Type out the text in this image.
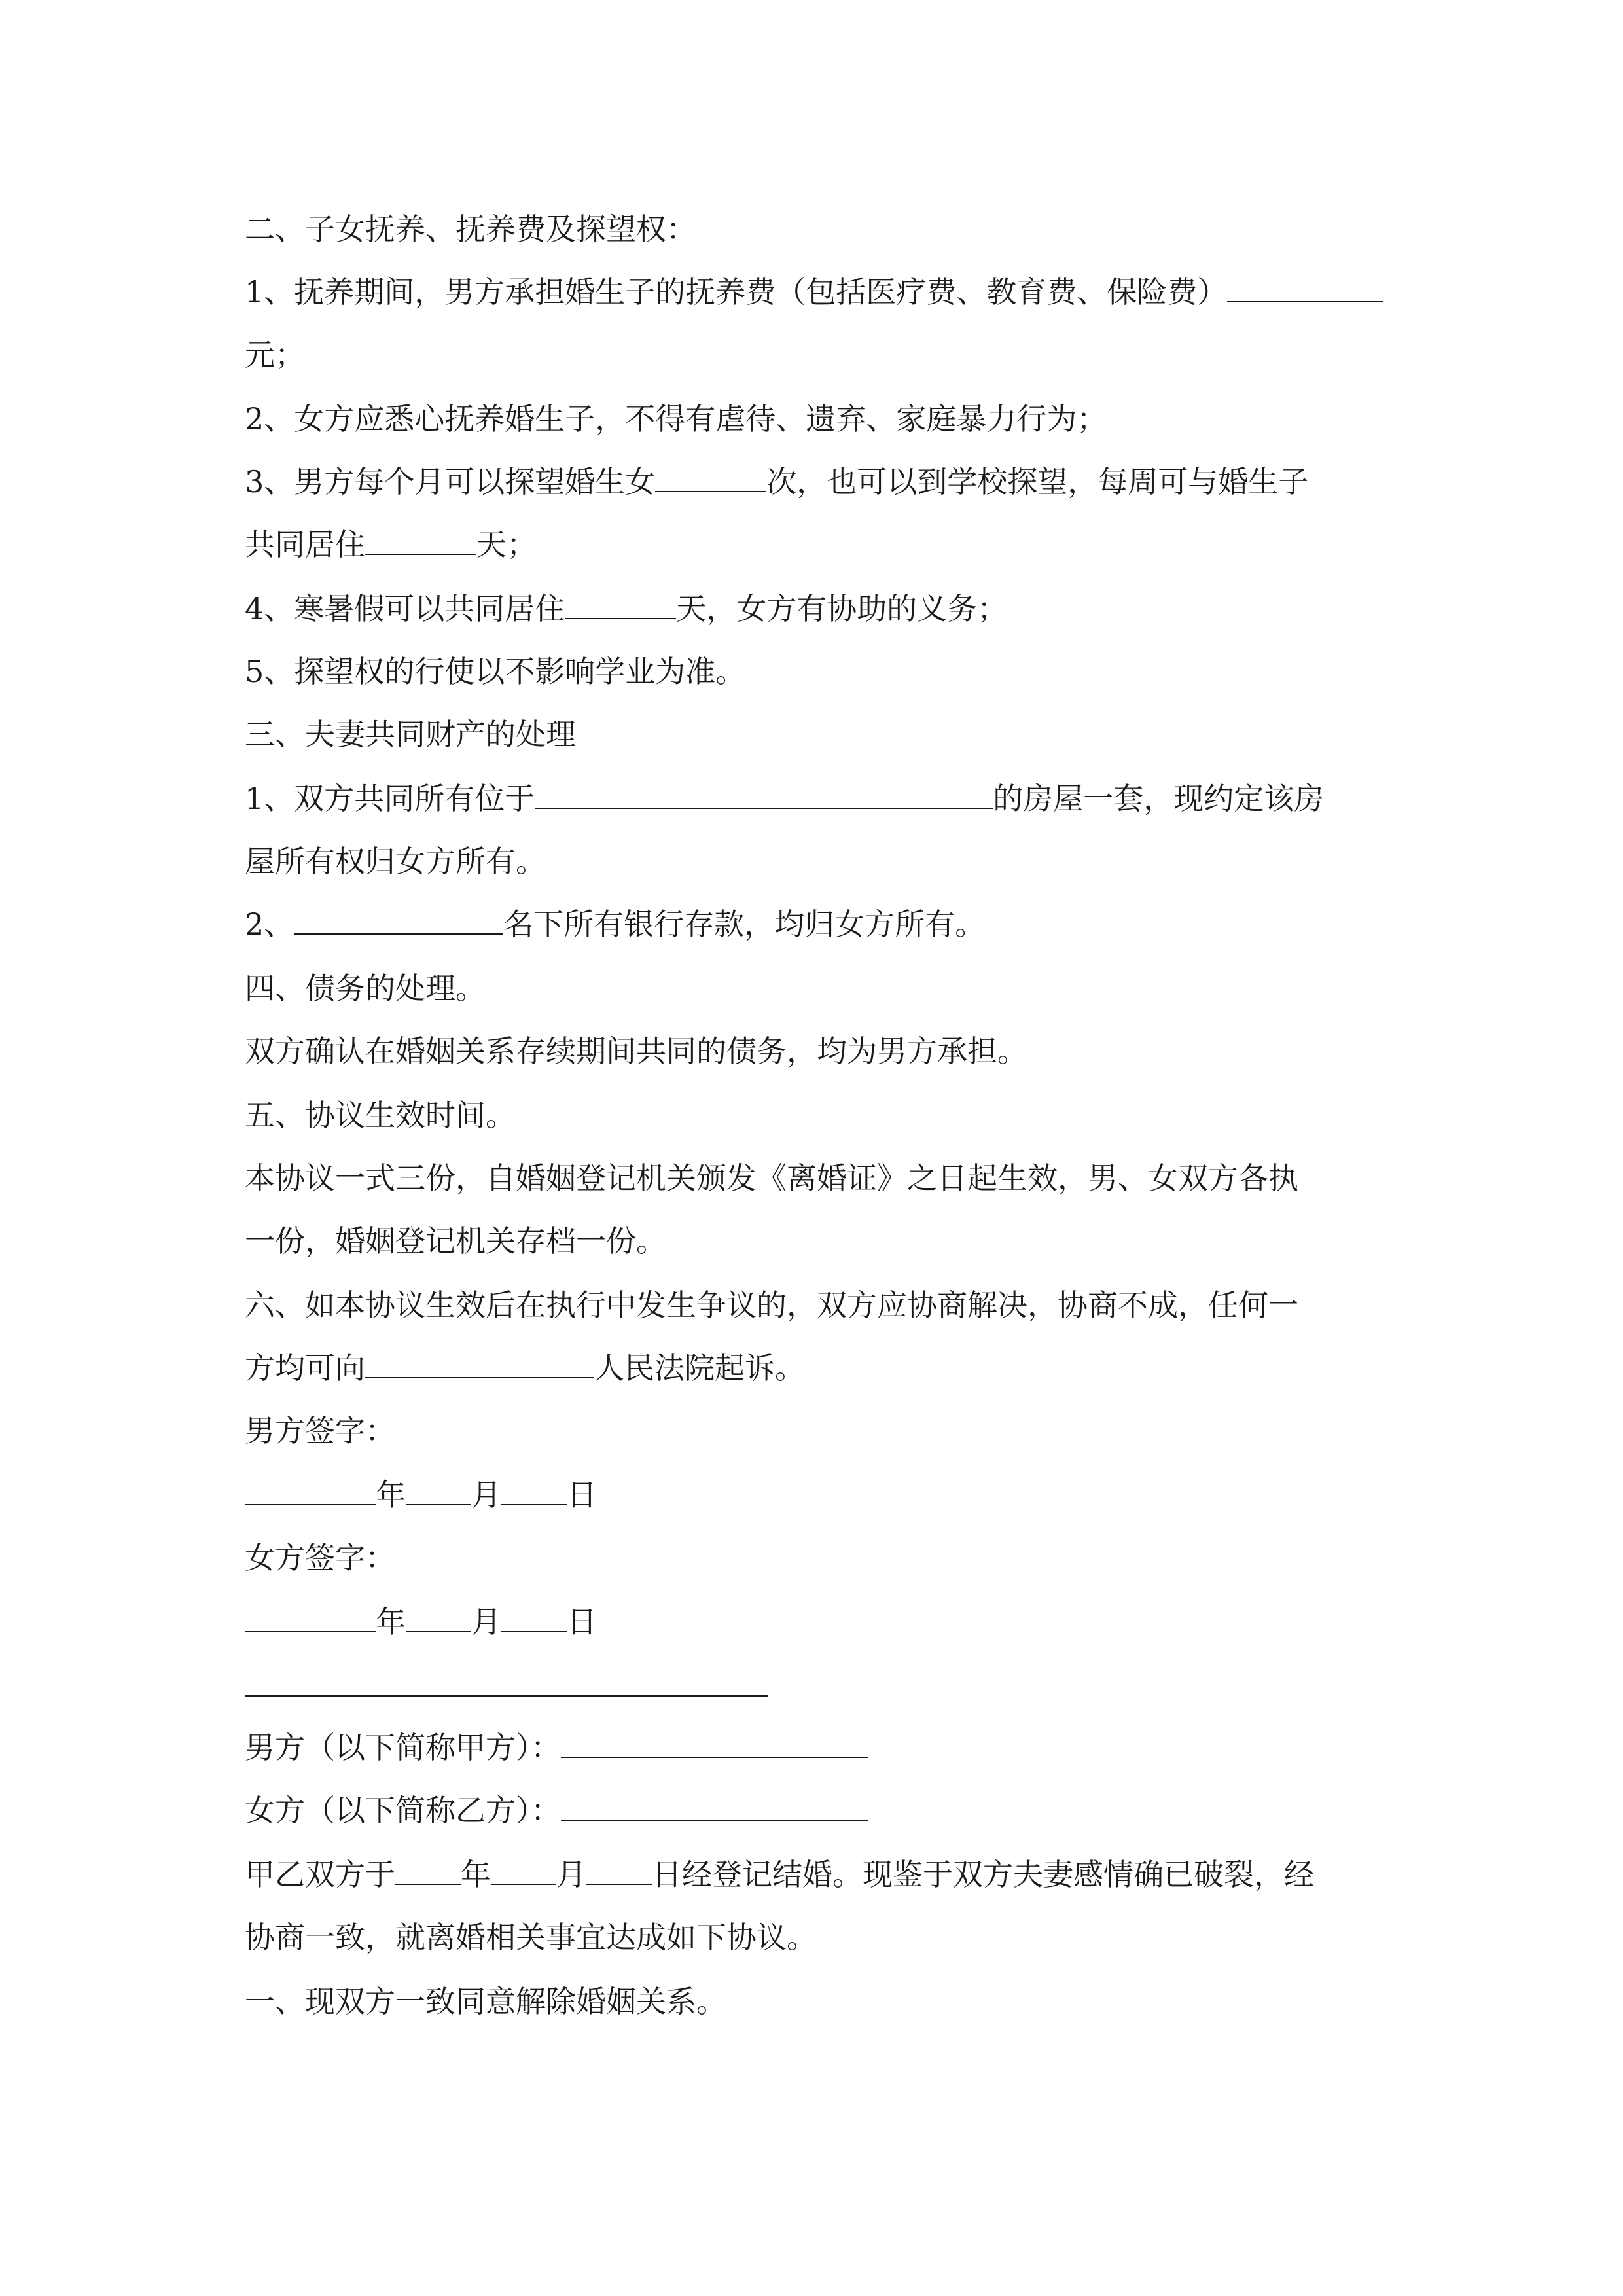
二、子女抚养、抚养费及探望权：
1、抚养期间，男方承担婚生子的抚养费（包括医疗费、教育费、保险费）
元；
2、女方应悉心抚养婚生子，不得有虐待、遗弃、家庭暴力行为；
3、男方每个月可以探望婚生女	次，也可以到学校探望，每周可与婚生子
共同居住	天；
4、寒暑假可以共同居住	天，女方有协助的义务；
5、探望权的行使以不影响学业为准。
三、夫妻共同财产的处理
1、双方共同所有位于	的房屋一套，现约定该房
屋所有权归女方所有。
2、	名下所有银行存款，均归女方所有。
四、债务的处理。
双方确认在婚姻关系存续期间共同的债务，均为男方承担。
五、协议生效时间。
本协议一式三份，自婚姻登记机关颁发《离婚证》之日起生效，男、女双方各执
一份，婚姻登记机关存档一份。
六、如本协议生效后在执行中发生争议的，双方应协商解决，协商不成，任何一
方均可向	人民法院起诉。
男方签字：
年 月 日
女方签字：
年 月 日
男方（以下简称甲方）：
女方（以下简称乙方）：
甲乙双方于 年 月 日经登记结婚。现鉴于双方夫妻感情确已破裂，经
协商一致，就离婚相关事宜达成如下协议。
一、现双方一致同意解除婚姻关系。
